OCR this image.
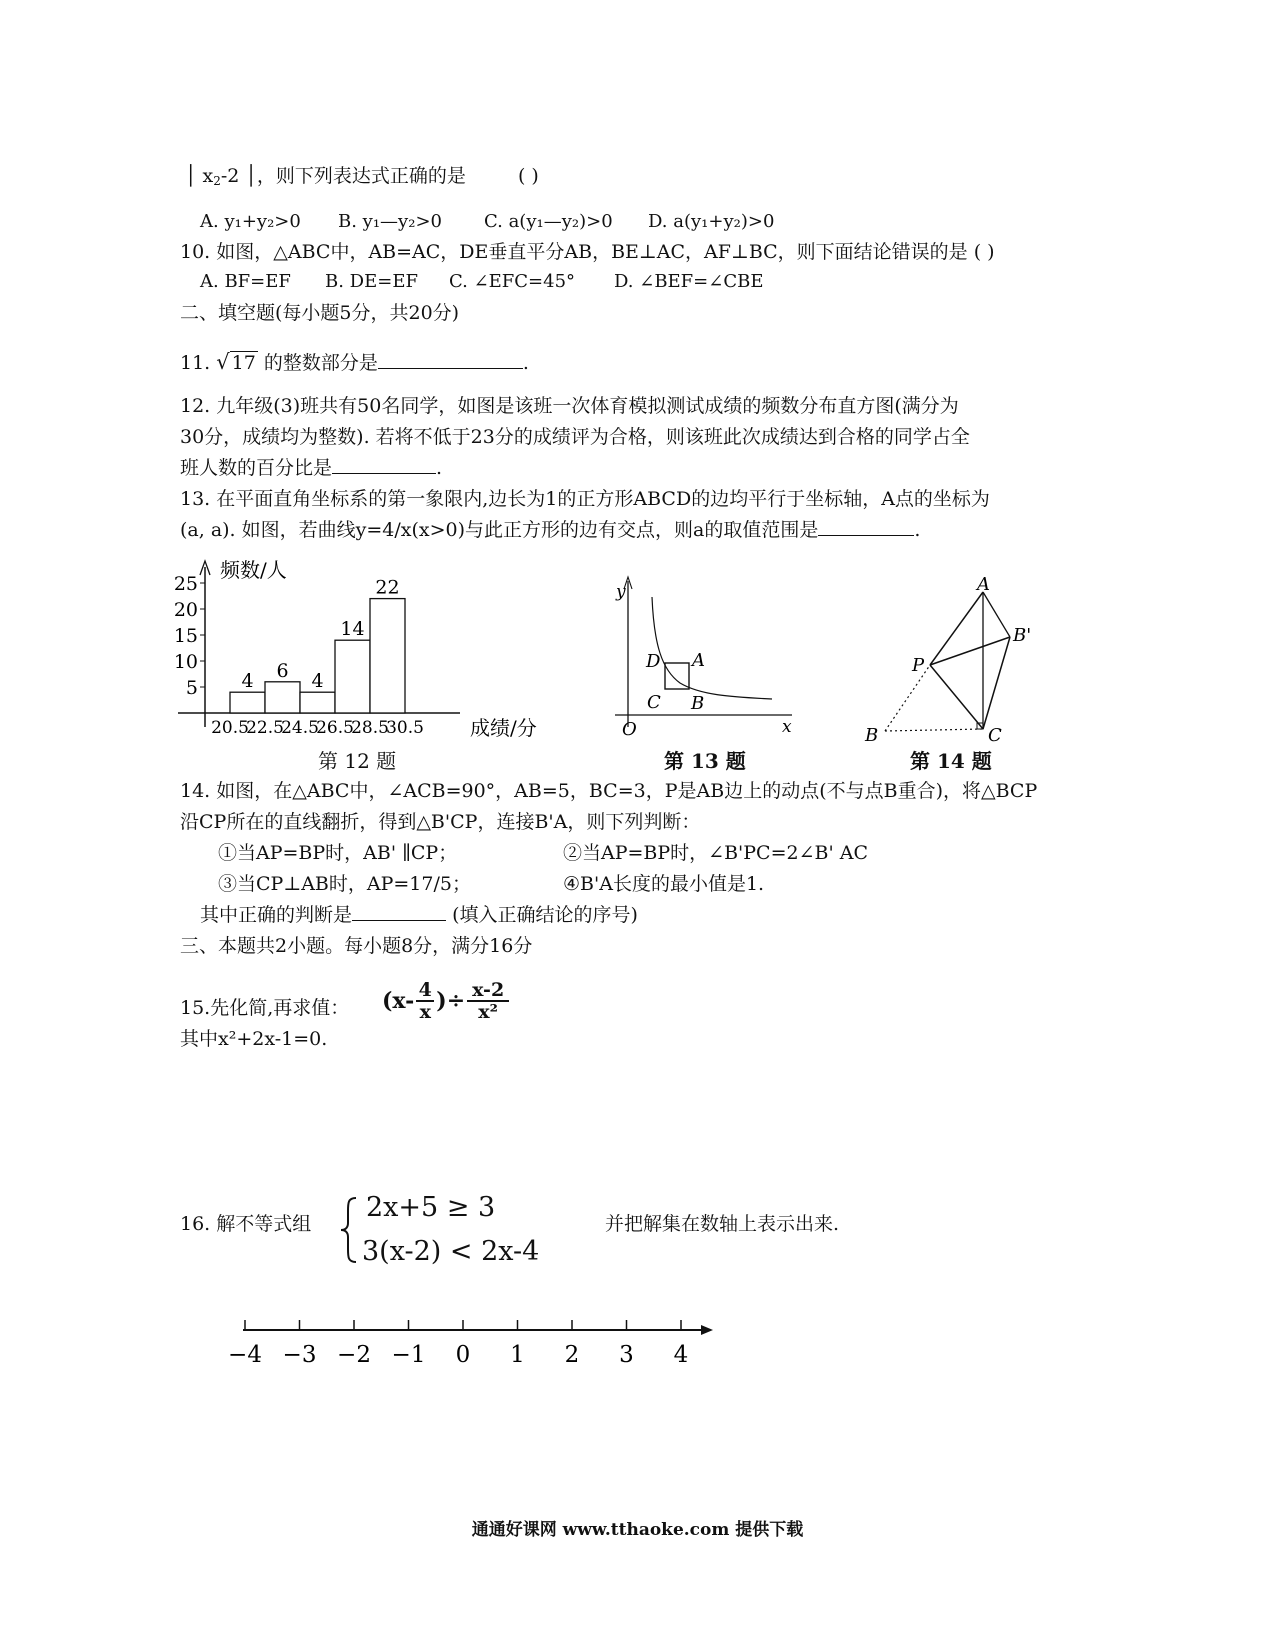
│ $x_2-2$ │，则下列表达式正确的是	( )
A. y₁+y₂>0 B. y₁—y₂>0 C. a(y₁—y₂)>0 D. a(y₁+y₂)>0
10. 如图，△ABC中，AB=AC，DE垂直平分AB，BE⊥AC，AF⊥BC，则下面结论错误的是 ( )
A. BF=EF B. DE=EF C. ∠EFC=45° D. ∠BEF=∠CBE
二、填空题(每小题5分，共20分)
11. √ 17 的整数部分是	.
12. 九年级(3)班共有50名同学，如图是该班一次体育模拟测试成绩的频数分布直方图(满分为
30分，成绩均为整数). 若将不低于23分的成绩评为合格，则该班此次成绩达到合格的同学占全
班人数的百分比是	.
13. 在平面直角坐标系的第一象限内,边长为1的正方形ABCD的边均平行于坐标轴，A点的坐标为
(a, a). 如图，若曲线y=4/x(x>0)与此正方形的边有交点，则a的取值范围是	.
频数/人
成绩/分
5
10
15
20
25
20.5
22.5
24.5
26.5
28.5
30.5
4 6 4
14
22
第 12 题
y
x
O
D A
C B
第 13 题
A
B'
P
B	C
第 14 题
14. 如图，在△ABC中，∠ACB=90°，AB=5，BC=3，P是AB边上的动点(不与点B重合)，将△BCP
沿CP所在的直线翻折，得到△B'CP，连接B'A，则下列判断：
①当AP=BP时，AB' ∥CP；	②当AP=BP时，∠B'PC=2∠B' AC
③当CP⊥AB时，AP=17/5；	④B'A长度的最小值是1.
其中正确的判断是	(填入正确结论的序号)
三、本题共2小题。每小题8分，满分16分
15.先化简,再求值： ($x- \frac{4}{x}$ )÷ $\frac{x-2}{\text{x²}}$
其中x²+2x-1=0.
16. 解不等式组
2x+5 ≥ 3
3(x-2) < 2x-4
并把解集在数轴上表示出来.
−4 −3 −2 −1 0 1 2 3 4
通通好课网 www.tthaoke.com 提供下载
